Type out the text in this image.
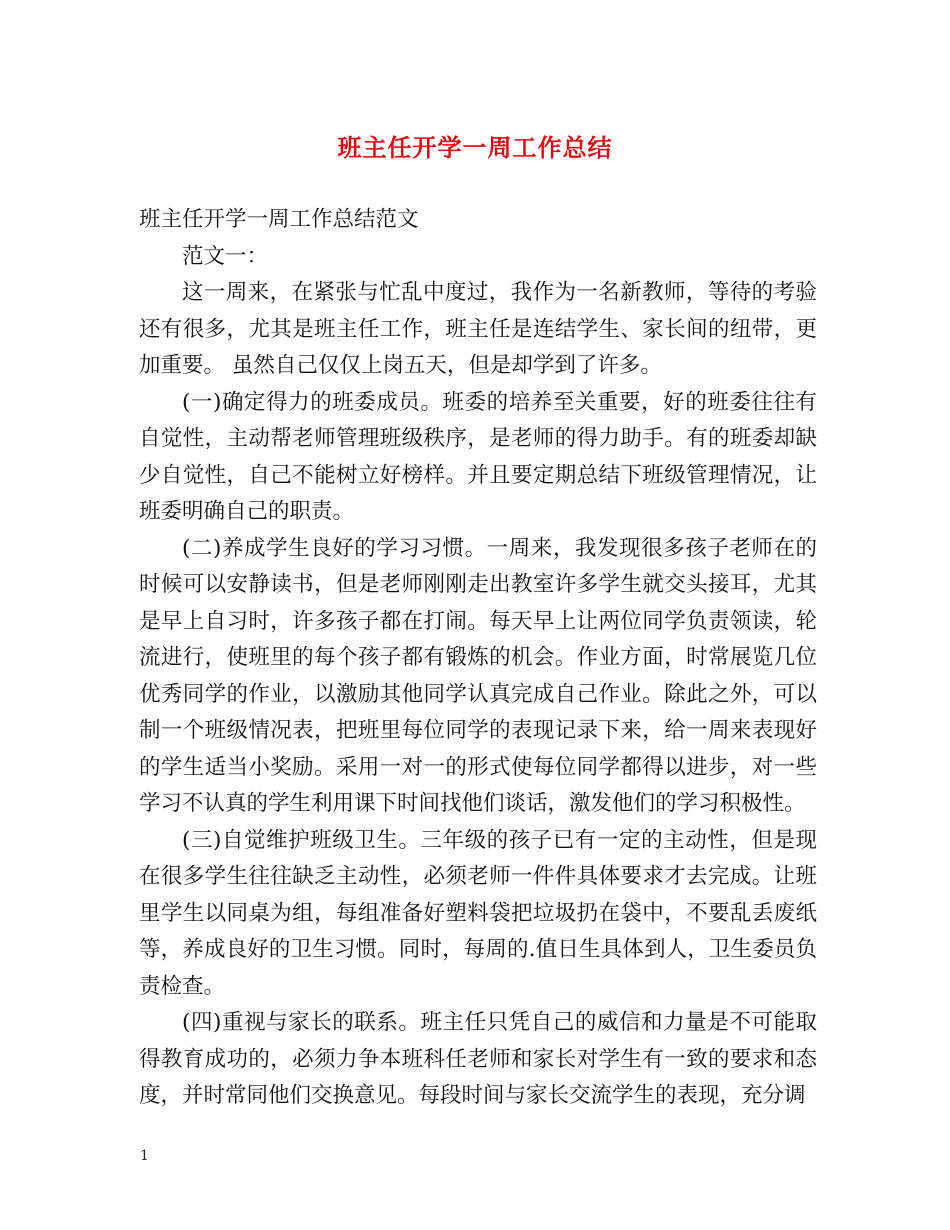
班主任开学一周工作总结

班主任开学一周工作总结范文

范文一：

这一周来，在紧张与忙乱中度过，我作为一名新教师，等待的考验还有很多，尤其是班主任工作，班主任是连结学生、家长间的纽带，更加重要。 虽然自己仅仅上岗五天，但是却学到了许多。

(一)确定得力的班委成员。班委的培养至关重要，好的班委往往有自觉性，主动帮老师管理班级秩序，是老师的得力助手。有的班委却缺少自觉性，自己不能树立好榜样。并且要定期总结下班级管理情况，让班委明确自己的职责。

(二)养成学生良好的学习习惯。一周来，我发现很多孩子老师在的时候可以安静读书，但是老师刚刚走出教室许多学生就交头接耳，尤其是早上自习时，许多孩子都在打闹。每天早上让两位同学负责领读，轮流进行，使班里的每个孩子都有锻炼的机会。作业方面，时常展览几位优秀同学的作业，以激励其他同学认真完成自己作业。除此之外，可以制一个班级情况表，把班里每位同学的表现记录下来，给一周来表现好的学生适当小奖励。采用一对一的形式使每位同学都得以进步，对一些学习不认真的学生利用课下时间找他们谈话，激发他们的学习积极性。

(三)自觉维护班级卫生。三年级的孩子已有一定的主动性，但是现在很多学生往往缺乏主动性，必须老师一件件具体要求才去完成。让班里学生以同桌为组，每组准备好塑料袋把垃圾扔在袋中，不要乱丢废纸等，养成良好的卫生习惯。同时，每周的.值日生具体到人，卫生委员负责检查。

(四)重视与家长的联系。班主任只凭自己的威信和力量是不可能取得教育成功的，必须力争本班科任老师和家长对学生有一致的要求和态度，并时常同他们交换意见。每段时间与家长交流学生的表现，充分调

1
